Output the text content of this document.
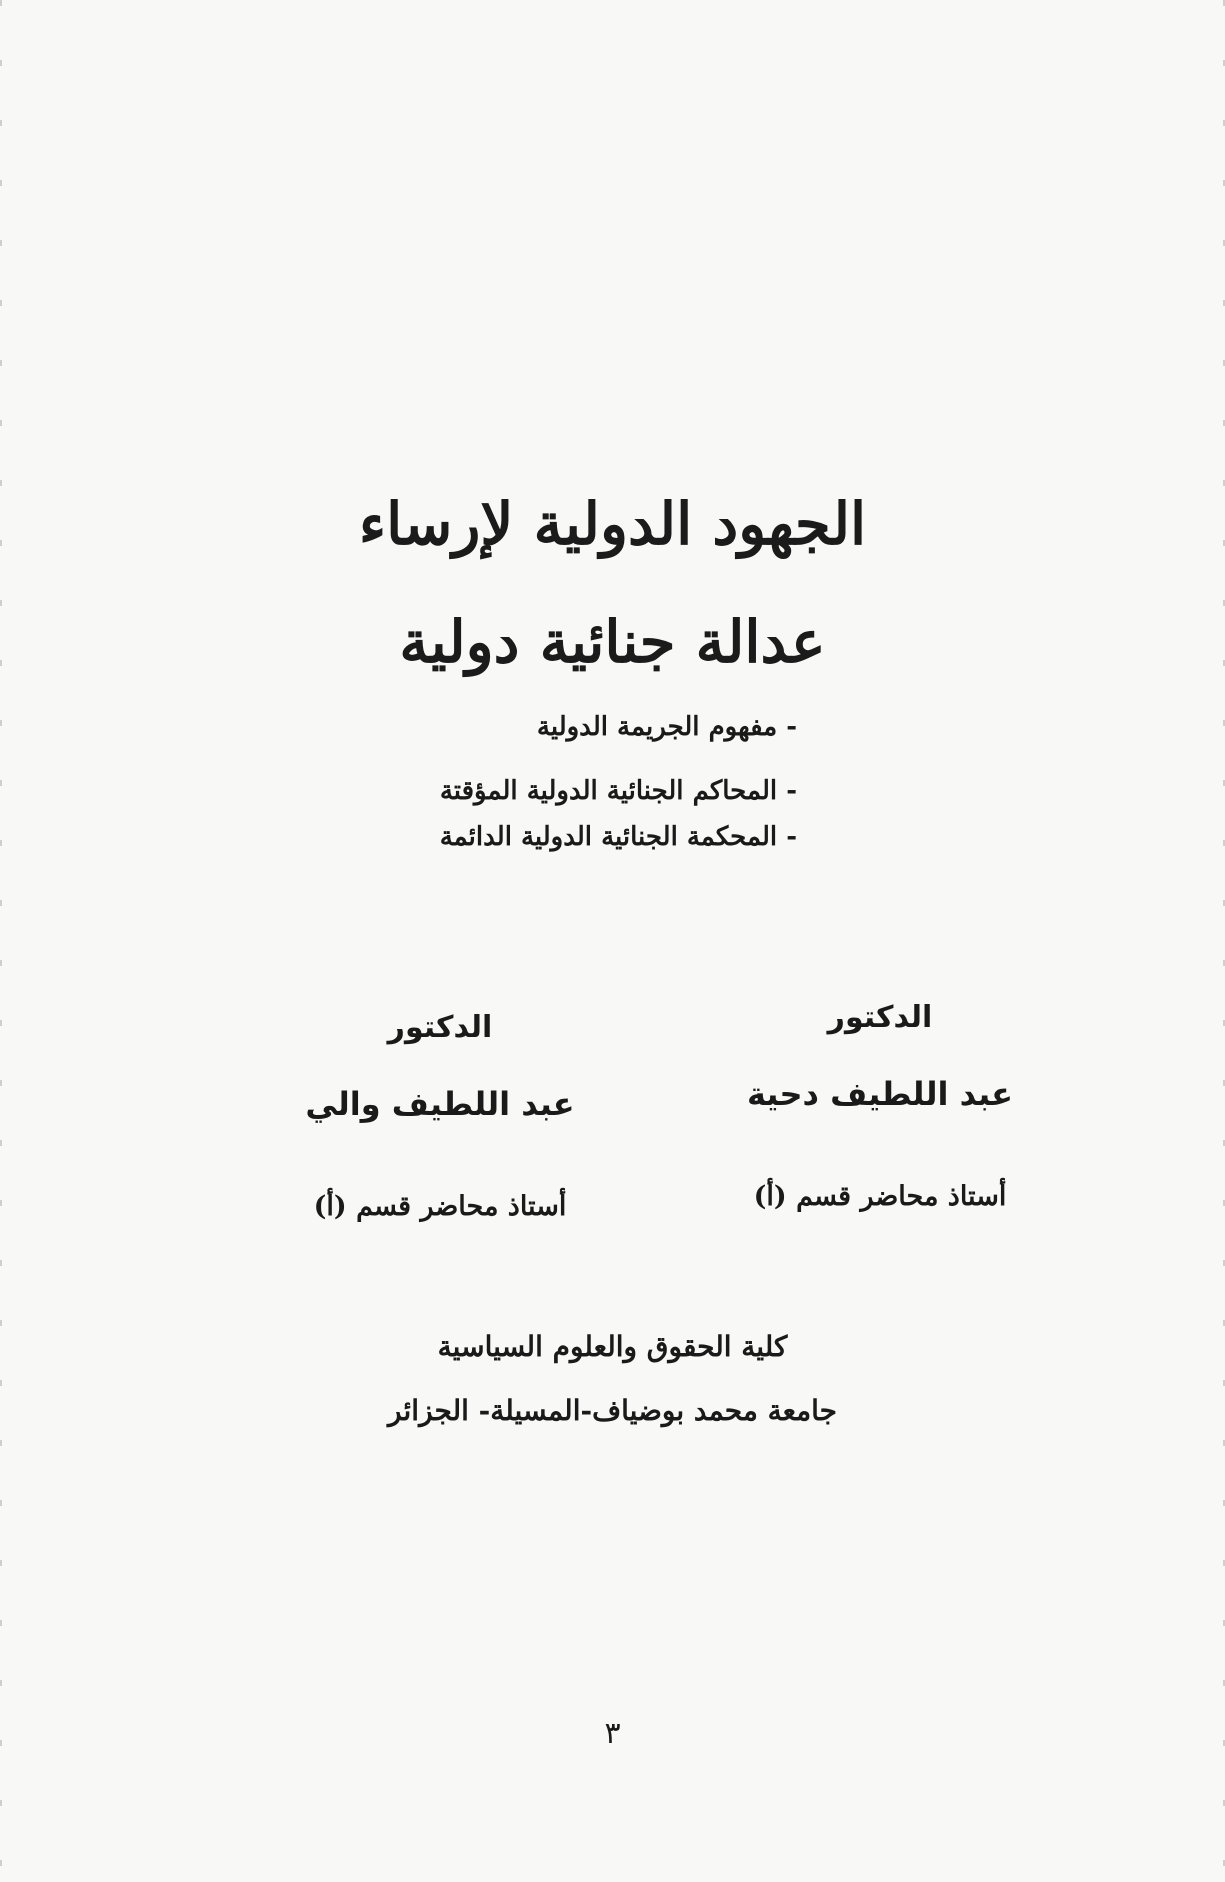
الجهود الدولية لإرساء
عدالة جنائية دولية
- مفهوم الجريمة الدولية
- المحاكم الجنائية الدولية المؤقتة
- المحكمة الجنائية الدولية الدائمة
الدكتور
عبد اللطيف دحية
أستاذ محاضر قسم (أ)
الدكتور
عبد اللطيف والي
أستاذ محاضر قسم (أ)
كلية الحقوق والعلوم السياسية
جامعة محمد بوضياف-المسيلة- الجزائر
٣
